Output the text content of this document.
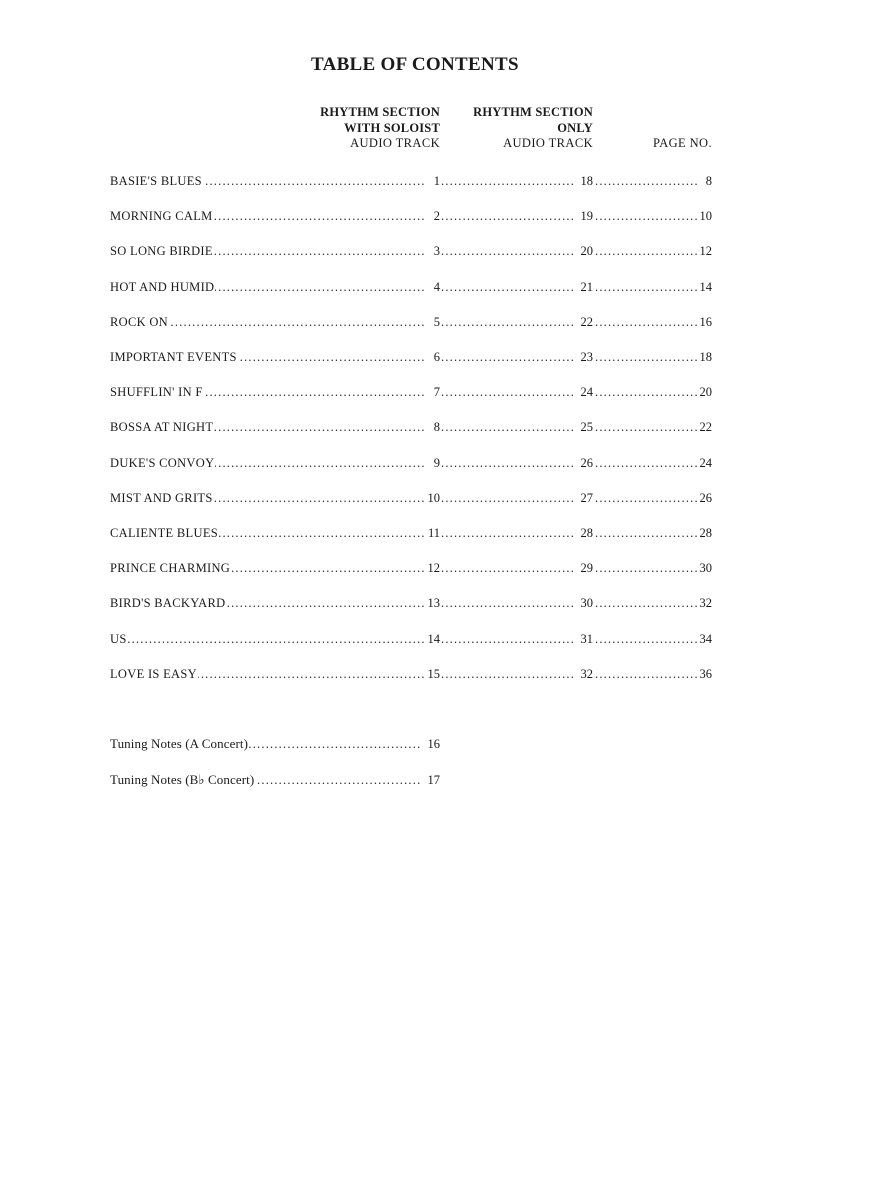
TABLE OF CONTENTS
RHYTHM SECTION
WITH SOLOIST
AUDIO TRACK
RHYTHM SECTION
ONLY
AUDIO TRACK	PAGE NO.
.....
BASIE'S BLUES	1 .....	18 .....	8
.....
MORNING CALM	2 .....	19 .....	10
.....
SO LONG BIRDIE	3 .....	20 .....	12
.....
HOT AND HUMID	4 .....	21 .....	14
.....
ROCK ON	5 .....	22 .....	16
.....
IMPORTANT EVENTS	6 .....	23 .....	18
.....
SHUFFLIN' IN F	7 .....	24 .....	20
.....
BOSSA AT NIGHT	8 .....	25 .....	22
.....
DUKE'S CONVOY	9 .....	26 .....	24
.....
MIST AND GRITS	10 .....	27 .....	26
.....
CALIENTE BLUES	11 .....	28 .....	28
.....
PRINCE CHARMING	12 .....	29 .....	30
.....
BIRD'S BACKYARD	13 .....	30 .....	32
.....
US	14 .....	31 .....	34
.....
LOVE IS EASY	15 .....	32 .....	36
.....
Tuning Notes (A Concert)	16
.....
Tuning Notes (B♭ Concert)	17
